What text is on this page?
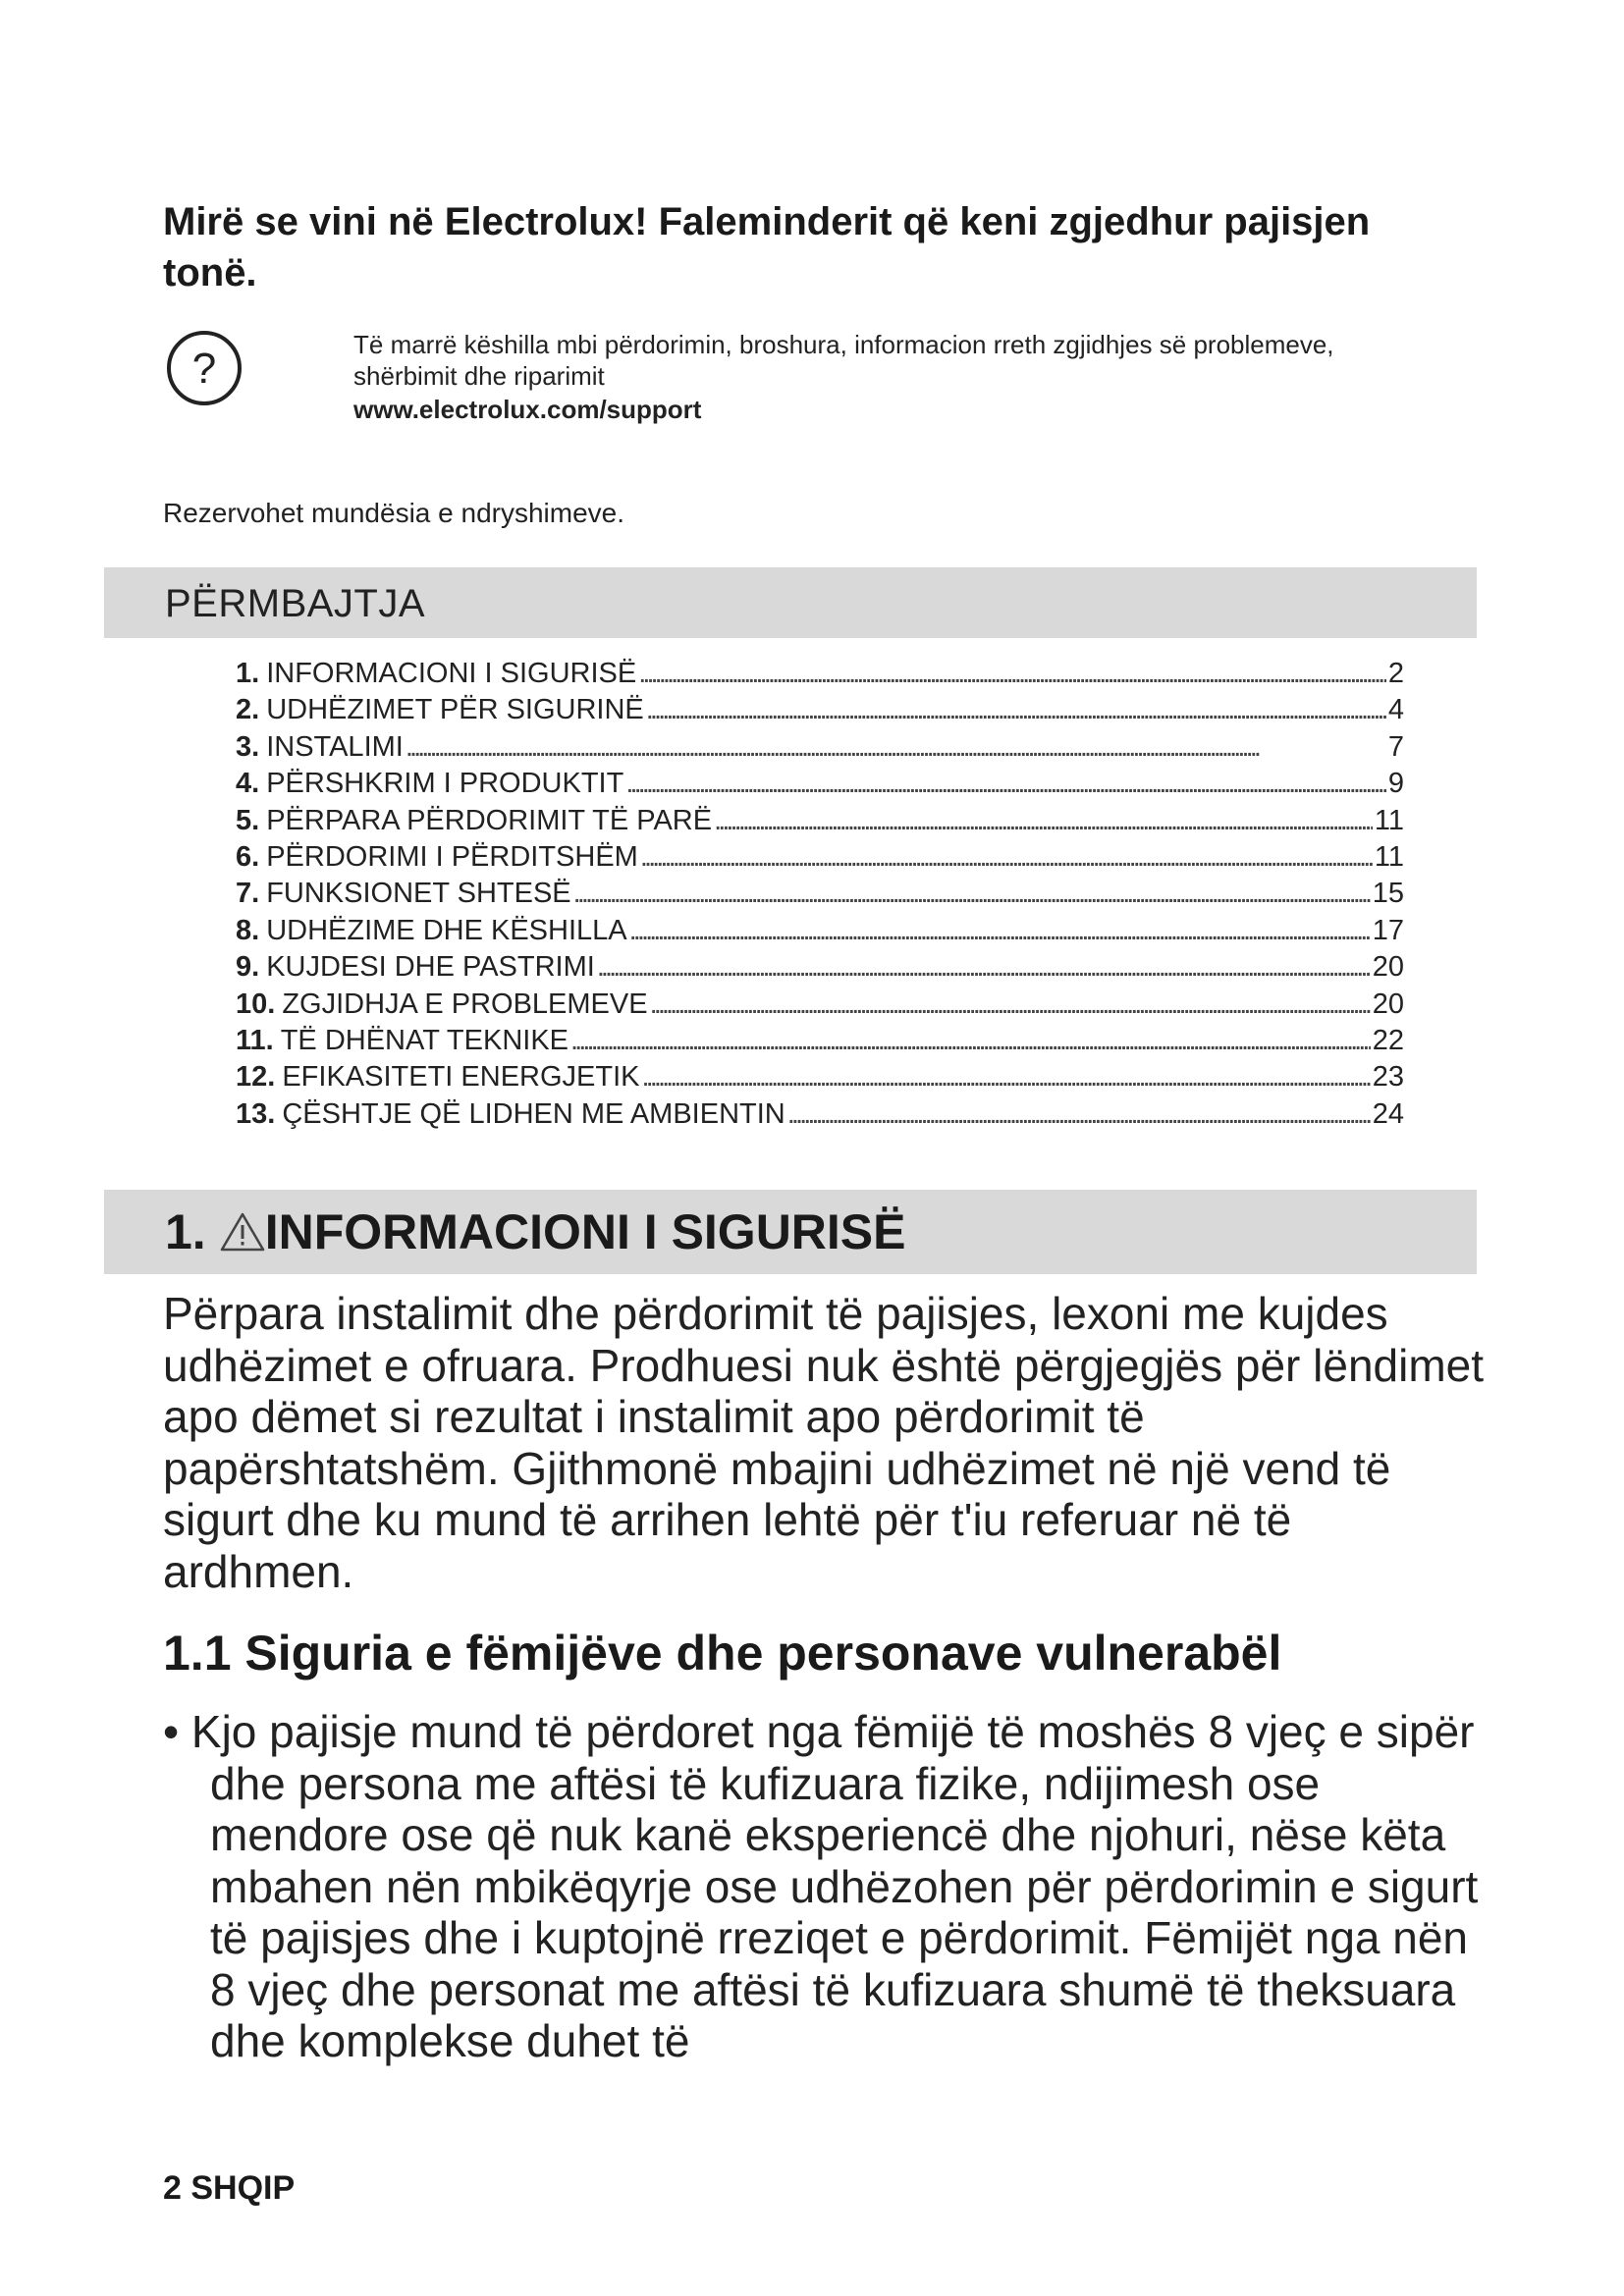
Mirë se vini në Electrolux! Faleminderit që keni zgjedhur pajisjen tonë.
?	Të marrë këshilla mbi përdorimin, broshura, informacion rreth zgjidhjes së problemeve, shërbimit dhe riparimit
www.electrolux.com/support
Rezervohet mundësia e ndryshimeve.
PËRMBAJTJA
1. INFORMACIONI I SIGURISË . . .	2
2. UDHËZIMET PËR SIGURINË . . .	4
3. INSTALIMI . . .	7
4. PËRSHKRIM I PRODUKTIT . . .	9
5. PËRPARA PËRDORIMIT TË PARË . . .	11
6. PËRDORIMI I PËRDITSHËM . . .	11
7. FUNKSIONET SHTESË . . .	15
8. UDHËZIME DHE KËSHILLA . . .	17
9. KUJDESI DHE PASTRIMI . . .	20
10. ZGJIDHJA E PROBLEMEVE . . .	20
11. TË DHËNAT TEKNIKE . . .	22
12. EFIKASITETI ENERGJETIK . . .	23
13. ÇËSHTJE QË LIDHEN ME AMBIENTIN . . .	24
1. INFORMACIONI I SIGURISË

Përpara instalimit dhe përdorimit të pajisjes, lexoni me kujdes udhëzimet e ofruara. Prodhuesi nuk është përgjegjës për lëndimet apo dëmet si rezultat i instalimit apo përdorimit të papërshtatshëm. Gjithmonë mbajini udhëzimet në një vend të sigurt dhe ku mund të arrihen lehtë për t'iu referuar në të ardhmen.

1.1 Siguria e fëmijëve dhe personave vulnerabël

• Kjo pajisje mund të përdoret nga fëmijë të moshës 8 vjeç e sipër dhe persona me aftësi të kufizuara fizike, ndijimesh ose mendore ose që nuk kanë eksperiencë dhe njohuri, nëse këta mbahen nën mbikëqyrje ose udhëzohen për përdorimin e sigurt të pajisjes dhe i kuptojnë rreziqet e përdorimit. Fëmijët nga nën 8 vjeç dhe personat me aftësi të kufizuara shumë të theksuara dhe komplekse duhet të

2 SHQIP
